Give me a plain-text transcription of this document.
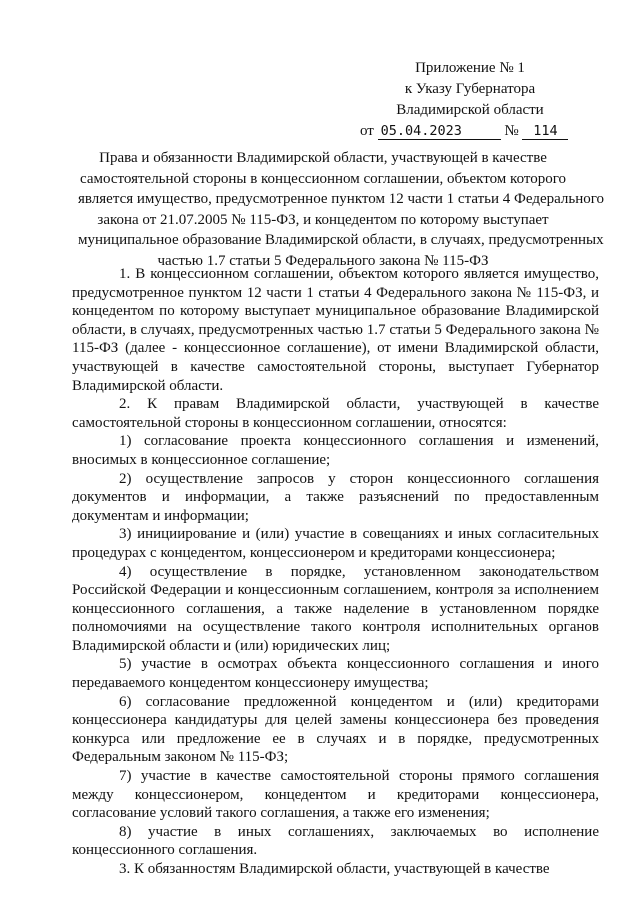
Приложение № 1
к Указу Губернатора
Владимирской области
от 05.04.2023	№ 114
Права и обязанности Владимирской области, участвующей в качестве
самостоятельной стороны в концессионном соглашении, объектом которого
является имущество, предусмотренное пунктом 12 части 1 статьи 4 Федерального
закона от 21.07.2005 № 115-ФЗ, и концедентом по которому выступает
муниципальное образование Владимирской области, в случаях, предусмотренных
частью 1.7 статьи 5 Федерального закона № 115-ФЗ

1. В концессионном соглашении, объектом которого является имущество, предусмотренное пунктом 12 части 1 статьи 4 Федерального закона № 115-ФЗ, и концедентом по которому выступает муниципальное образование Владимирской области, в случаях, предусмотренных частью 1.7 статьи 5 Федерального закона № 115-ФЗ (далее - концессионное соглашение), от имени Владимирской области, участвующей в качестве самостоятельной стороны, выступает Губернатор Владимирской области.

2. К правам Владимирской области, участвующей в качестве самостоятельной стороны в концессионном соглашении, относятся:

1) согласование проекта концессионного соглашения и изменений, вносимых в концессионное соглашение;

2) осуществление запросов у сторон концессионного соглашения документов и информации, а также разъяснений по предоставленным документам и информации;

3) инициирование и (или) участие в совещаниях и иных согласительных процедурах с концедентом, концессионером и кредиторами концессионера;

4) осуществление в порядке, установленном законодательством Российской Федерации и концессионным соглашением, контроля за исполнением концессионного соглашения, а также наделение в установленном порядке полномочиями на осуществление такого контроля исполнительных органов Владимирской области и (или) юридических лиц;

5) участие в осмотрах объекта концессионного соглашения и иного передаваемого концедентом концессионеру имущества;

6) согласование предложенной концедентом и (или) кредиторами концессионера кандидатуры для целей замены концессионера без проведения конкурса или предложение ее в случаях и в порядке, предусмотренных Федеральным законом № 115-ФЗ;

7) участие в качестве самостоятельной стороны прямого соглашения между концессионером, концедентом и кредиторами концессионера, согласование условий такого соглашения, а также его изменения;

8) участие в иных соглашениях, заключаемых во исполнение концессионного соглашения.

3. К обязанностям Владимирской области, участвующей в качестве
